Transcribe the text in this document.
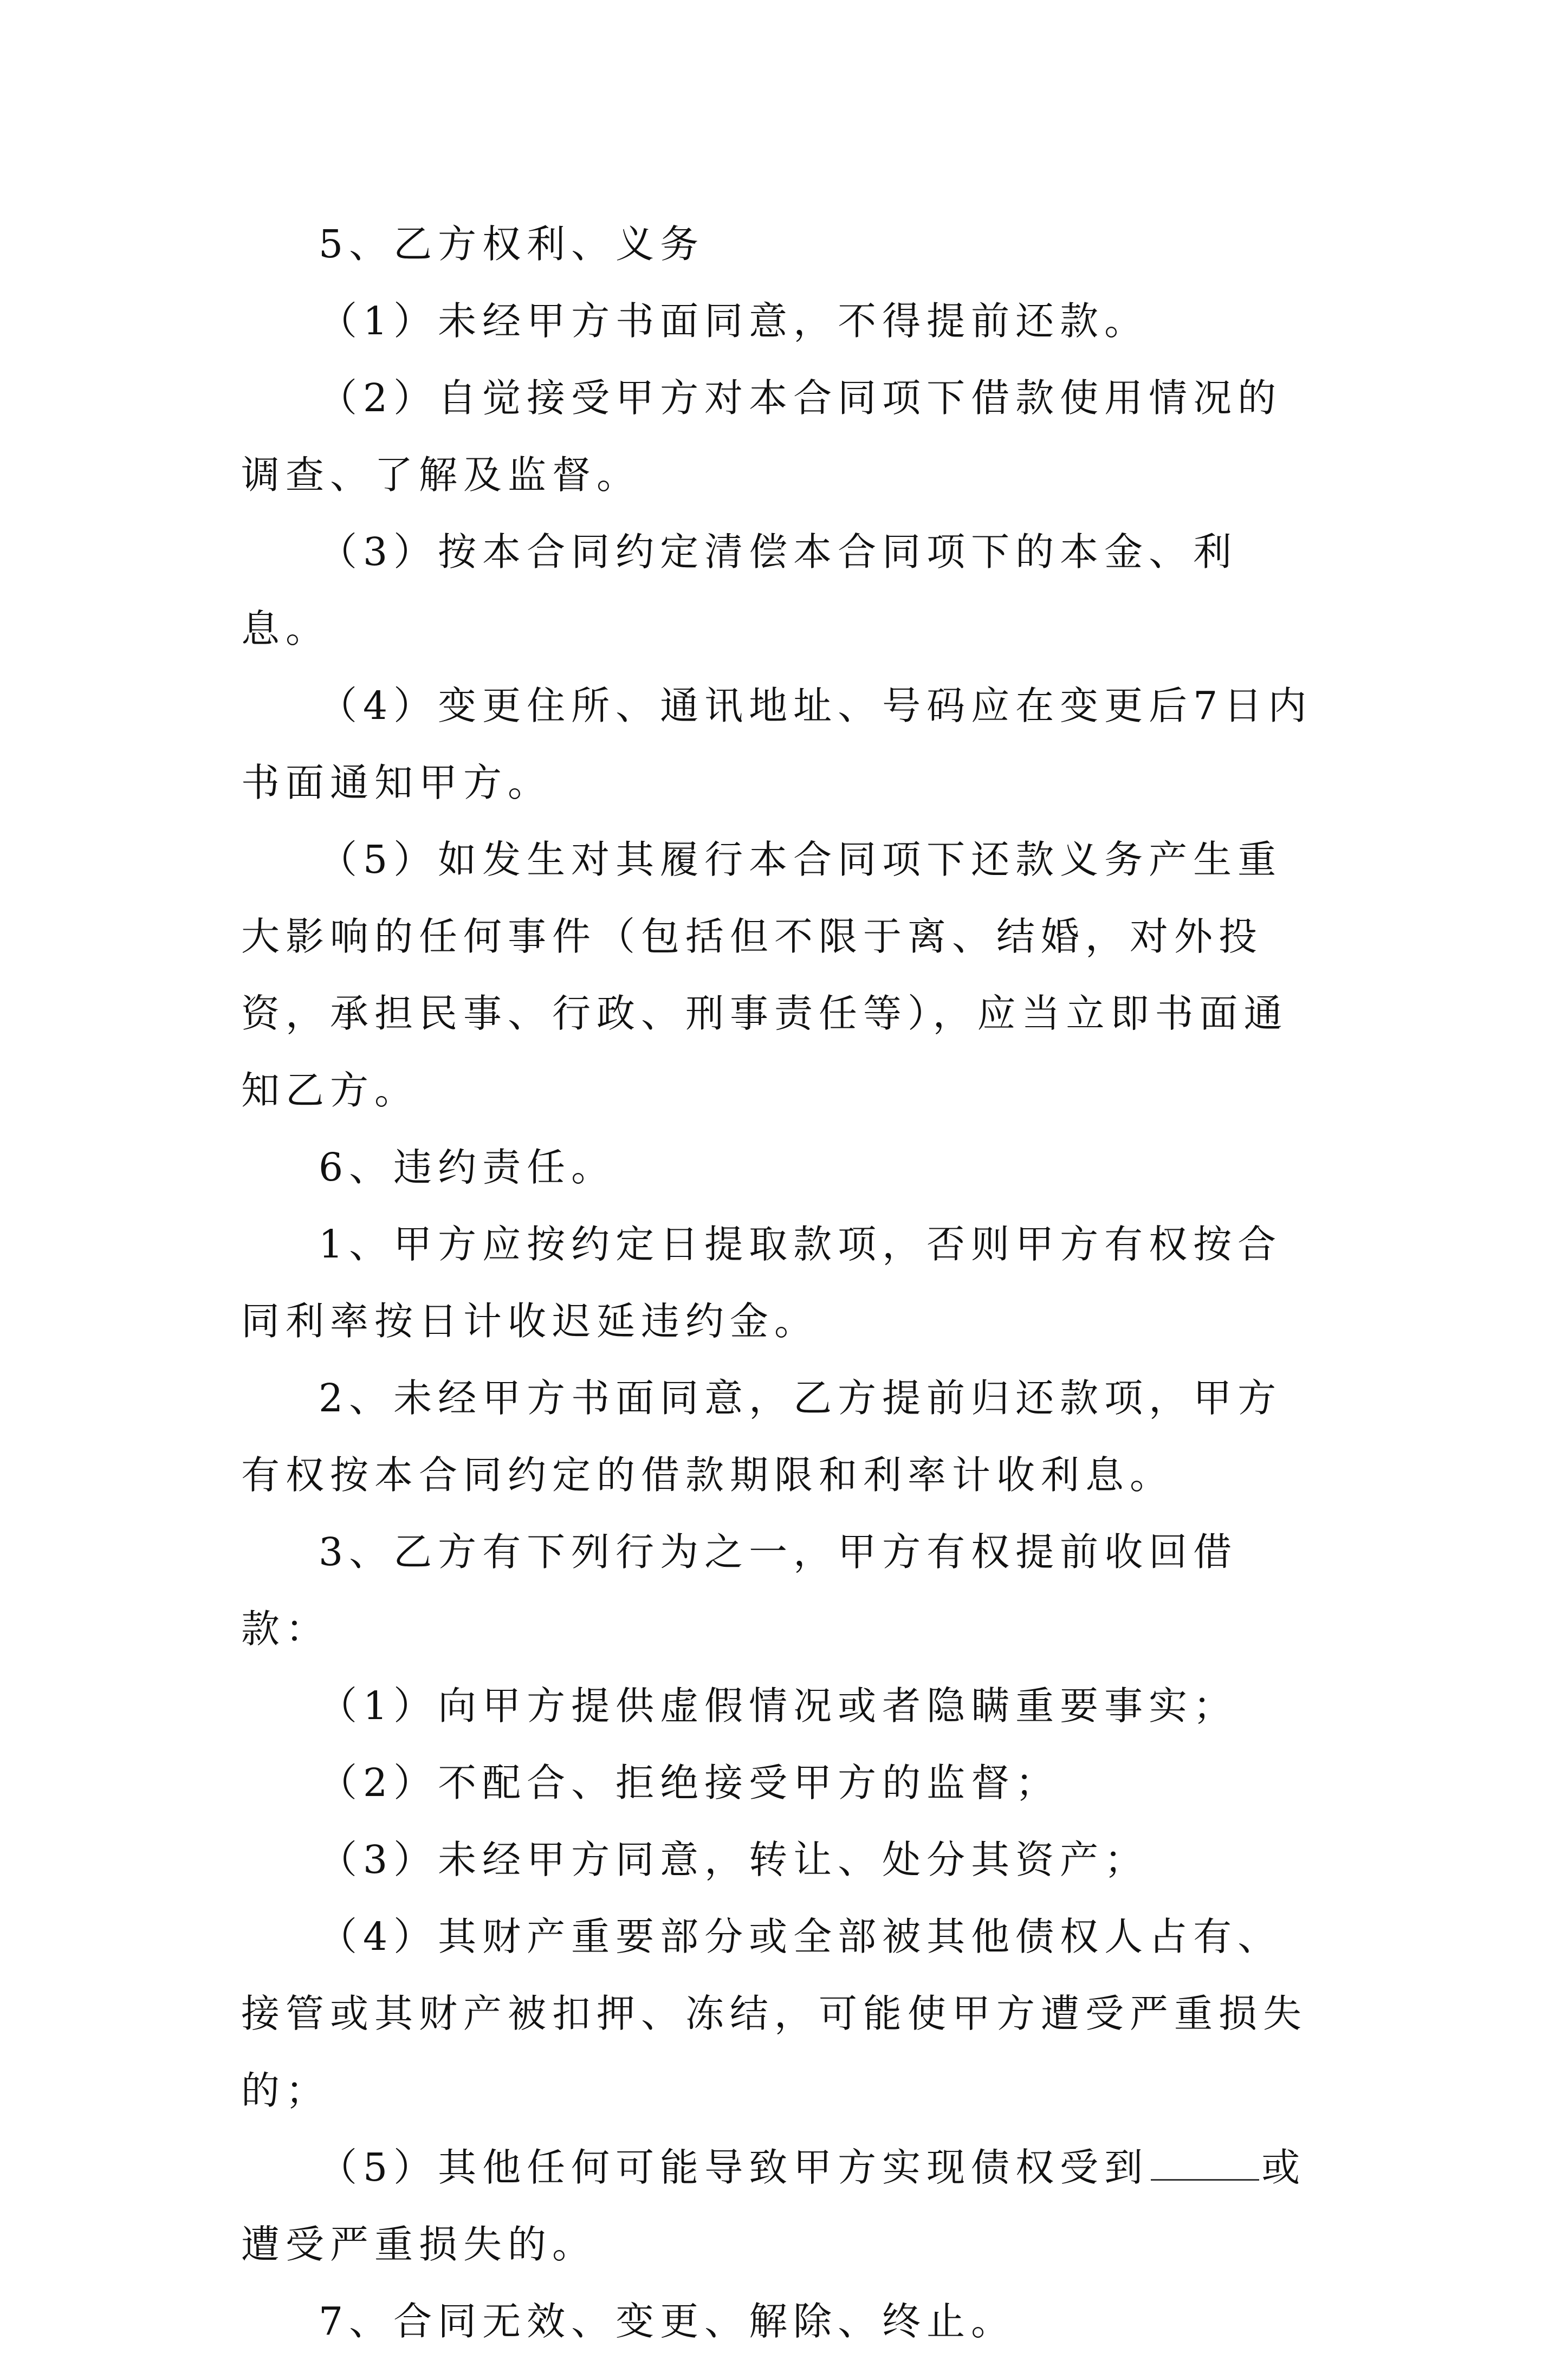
5、乙方权利、义务

（1）未经甲方书面同意，不得提前还款。

（2）自觉接受甲方对本合同项下借款使用情况的调查、了解及监督。

（3）按本合同约定清偿本合同项下的本金、利息。

（4）变更住所、通讯地址、号码应在变更后7日内书面通知甲方。

（5）如发生对其履行本合同项下还款义务产生重大影响的任何事件（包括但不限于离、结婚，对外投资，承担民事、行政、刑事责任等），应当立即书面通知乙方。

6、违约责任。

1、甲方应按约定日提取款项，否则甲方有权按合同利率按日计收迟延违约金。

2、未经甲方书面同意，乙方提前归还款项，甲方有权按本合同约定的借款期限和利率计收利息。

3、乙方有下列行为之一，甲方有权提前收回借款：

（1）向甲方提供虚假情况或者隐瞒重要事实；

（2）不配合、拒绝接受甲方的监督；

（3）未经甲方同意，转让、处分其资产；

（4）其财产重要部分或全部被其他债权人占有、接管或其财产被扣押、冻结，可能使甲方遭受严重损失的；

（5）其他任何可能导致甲方实现债权受到	或遭受严重损失的。

7、合同无效、变更、解除、终止。
